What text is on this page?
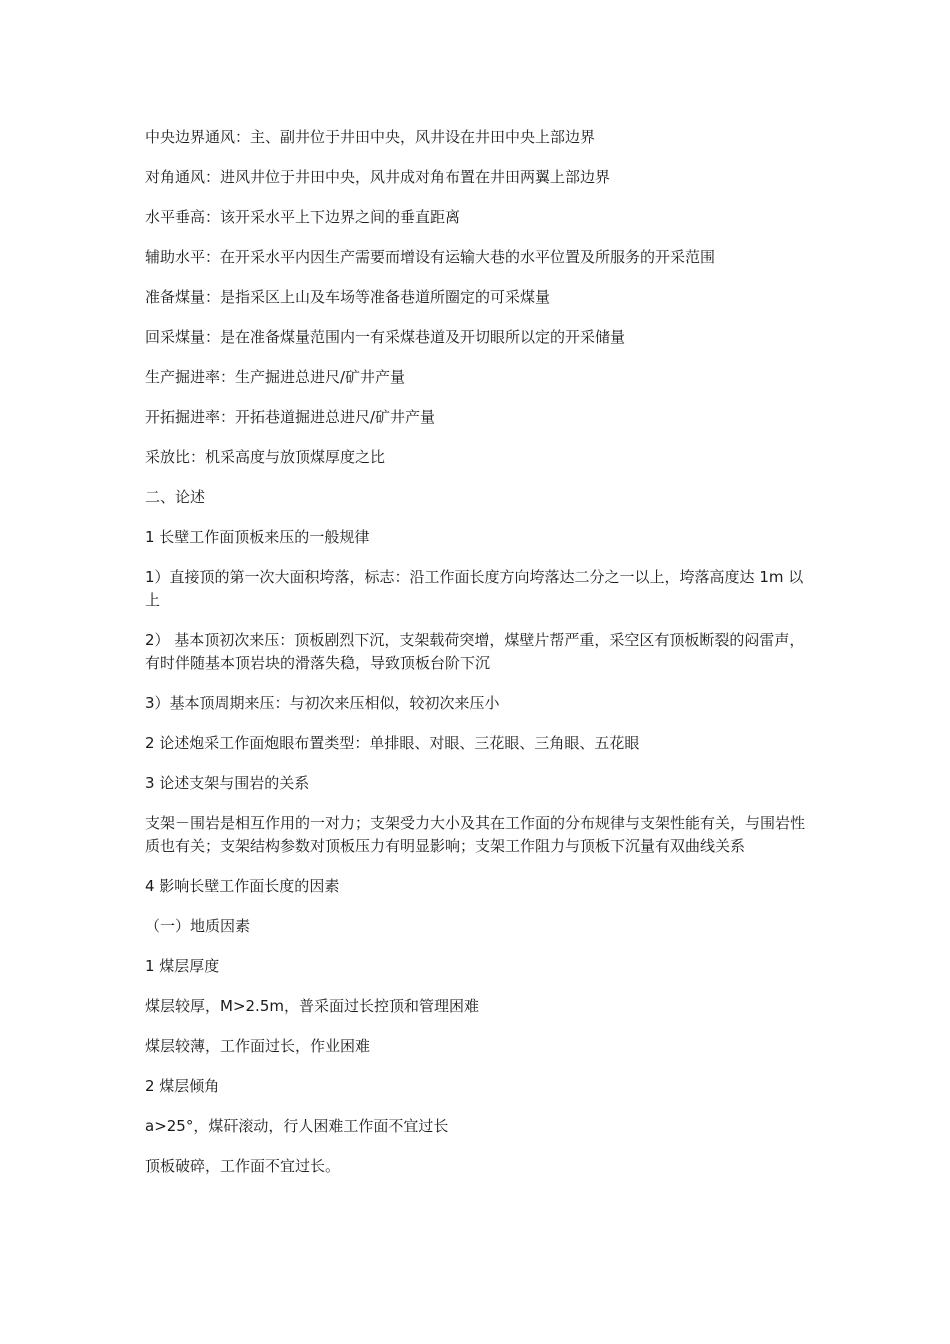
中央边界通风：主、副井位于井田中央，风井设在井田中央上部边界

对角通风：进风井位于井田中央，风井成对角布置在井田两翼上部边界

水平垂高：该开采水平上下边界之间的垂直距离

辅助水平：在开采水平内因生产需要而增设有运输大巷的水平位置及所服务的开采范围

准备煤量：是指采区上山及车场等准备巷道所圈定的可采煤量

回采煤量：是在准备煤量范围内一有采煤巷道及开切眼所以定的开采储量

生产掘进率：生产掘进总进尺/矿井产量

开拓掘进率：开拓巷道掘进总进尺/矿井产量

采放比：机采高度与放顶煤厚度之比

二、论述

1 长壁工作面顶板来压的一般规律

1）直接顶的第一次大面积垮落，标志：沿工作面长度方向垮落达二分之一以上，垮落高度达 1m 以上

2） 基本顶初次来压：顶板剧烈下沉，支架载荷突增，煤壁片帮严重，采空区有顶板断裂的闷雷声，有时伴随基本顶岩块的滑落失稳，导致顶板台阶下沉

3）基本顶周期来压：与初次来压相似，较初次来压小

2 论述炮采工作面炮眼布置类型：单排眼、对眼、三花眼、三角眼、五花眼

3 论述支架与围岩的关系

支架－围岩是相互作用的一对力；支架受力大小及其在工作面的分布规律与支架性能有关，与围岩性质也有关；支架结构参数对顶板压力有明显影响；支架工作阻力与顶板下沉量有双曲线关系

4 影响长壁工作面长度的因素

（一）地质因素

1 煤层厚度

煤层较厚，M>2.5m，普采面过长控顶和管理困难

煤层较薄，工作面过长，作业困难

2 煤层倾角

a>25°，煤矸滚动，行人困难工作面不宜过长

顶板破碎，工作面不宜过长。
